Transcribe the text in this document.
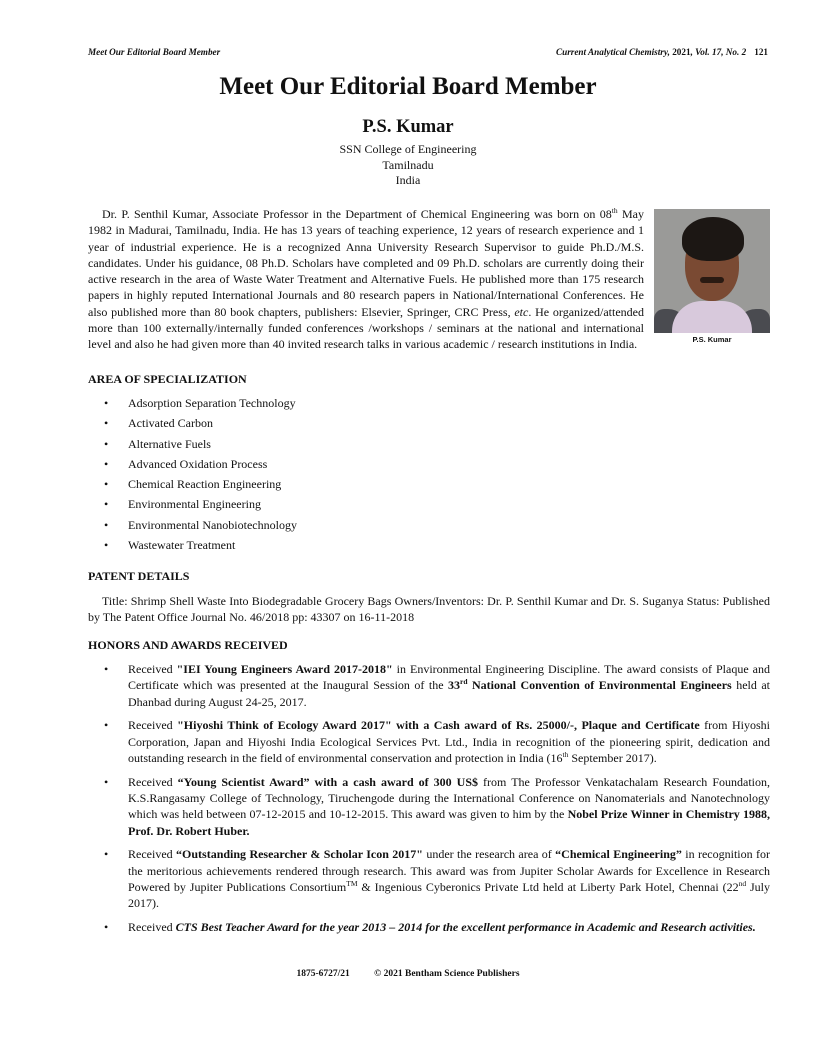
Meet Our Editorial Board Member	Current Analytical Chemistry, 2021, Vol. 17, No. 2 121
Meet Our Editorial Board Member
P.S. Kumar
SSN College of Engineering
Tamilnadu
India

Dr. P. Senthil Kumar, Associate Professor in the Department of Chemical Engineering was born on 08th May 1982 in Madurai, Tamilnadu, India. He has 13 years of teaching experience, 12 years of research experience and 1 year of industrial experience. He is a recognized Anna University Research Supervisor to guide Ph.D./M.S. candidates. Under his guidance, 08 Ph.D. Scholars have completed and 09 Ph.D. scholars are currently doing their active research in the area of Waste Water Treatment and Alternative Fuels. He published more than 175 research papers in highly reputed International Journals and 80 research papers in National/International Conferences. He also published more than 80 book chapters, publishers: Elsevier, Springer, CRC Press, etc. He organized/attended more than 100 externally/internally funded conferences /workshops / seminars at the national and international level and also he had given more than 40 invited research talks in various academic / research institutions in India.	P.S. Kumar
AREA OF SPECIALIZATION
• Adsorption Separation Technology
• Activated Carbon
• Alternative Fuels
• Advanced Oxidation Process
• Chemical Reaction Engineering
• Environmental Engineering
• Environmental Nanobiotechnology
• Wastewater Treatment
PATENT DETAILS

Title: Shrimp Shell Waste Into Biodegradable Grocery Bags Owners/Inventors: Dr. P. Senthil Kumar and Dr. S. Suganya Status: Published by The Patent Office Journal No. 46/2018 pp: 43307 on 16-11-2018

HONORS AND AWARDS RECEIVED
• Received "IEI Young Engineers Award 2017-2018" in Environmental Engineering Discipline. The award consists of Plaque and Certificate which was presented at the Inaugural Session of the 33rd National Convention of Environmental Engineers held at Dhanbad during August 24-25, 2017.
• Received "Hiyoshi Think of Ecology Award 2017" with a Cash award of Rs. 25000/-, Plaque and Certificate from Hiyoshi Corporation, Japan and Hiyoshi India Ecological Services Pvt. Ltd., India in recognition of the pioneering spirit, dedication and outstanding research in the field of environmental conservation and protection in India (16th September 2017).
• Received “Young Scientist Award” with a cash award of 300 US$ from The Professor Venkatachalam Research Foundation, K.S.Rangasamy College of Technology, Tiruchengode during the International Conference on Nanomaterials and Nanotechnology which was held between 07-12-2015 and 10-12-2015. This award was given to him by the Nobel Prize Winner in Chemistry 1988, Prof. Dr. Robert Huber.
• Received “Outstanding Researcher & Scholar Icon 2017" under the research area of “Chemical Engineering” in recognition for the meritorious achievements rendered through research. This award was from Jupiter Scholar Awards for Excellence in Research Powered by Jupiter Publications Consortium™ & Ingenious Cyberonics Private Ltd held at Liberty Park Hotel, Chennai (22nd July 2017).
• Received CTS Best Teacher Award for the year 2013 – 2014 for the excellent performance in Academic and Research activities.
1875-6727/21	© 2021 Bentham Science Publishers
